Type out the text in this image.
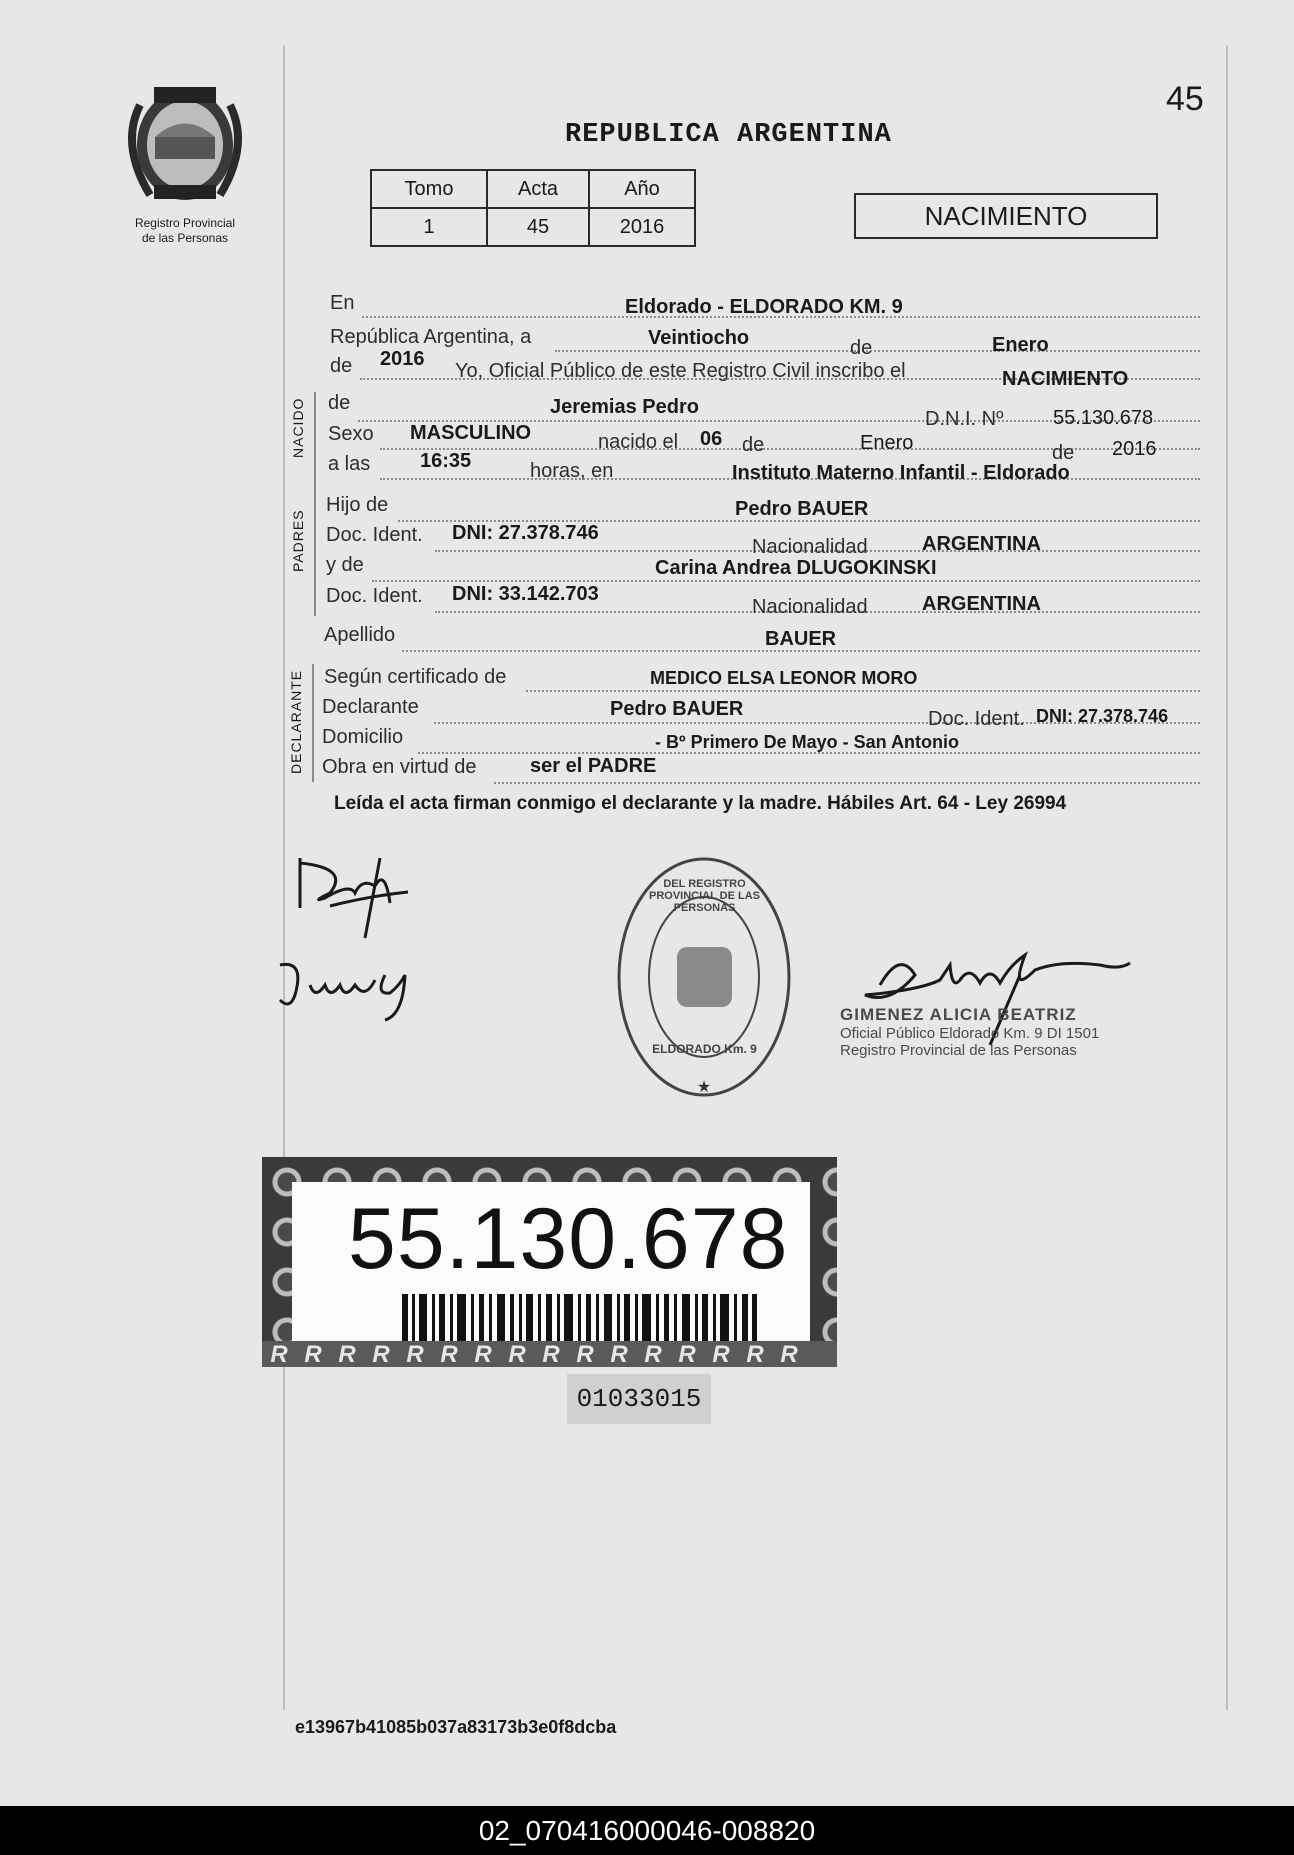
45
Registro Provincial
de las Personas
REPUBLICA ARGENTINA
Tomo	Acta	Año
1	45	2016	NACIMIENTO
En	Eldorado - ELDORADO KM. 9
República Argentina, a	Veintiocho	de	Enero
de 2016
Yo, Oficial Público de este Registro Civil inscribo el	NACIMIENTO
NACIDO de	Jeremias Pedro
D.N.I. Nº 55.130.678
Sexo MASCULINO	nacido el 06 de	Enero	de 2016
a las 16:35	horas, en	Instituto Materno Infantil - Eldorado
PADRES
Hijo de	Pedro BAUER
Doc. Ident. DNI: 27.378.746
Nacionalidad	ARGENTINA
y de	Carina Andrea DLUGOKINSKI
Doc. Ident. DNI: 33.142.703
Nacionalidad	ARGENTINA
Apellido	BAUER
DECLARANTE Según certificado de	MEDICO ELSA LEONOR MORO
Declarante	Pedro BAUER	Doc. Ident. DNI: 27.378.746
Domicilio	- Bº Primero De Mayo - San Antonio
Obra en virtud de	ser el PADRE
Leída el acta firman conmigo el declarante y la madre. Hábiles Art. 64 - Ley 26994
GIMENEZ ALICIA BEATRIZ
Oficial Público Eldorado Km. 9 DI 1501
Registro Provincial de las Personas
★
DEL REGISTRO PROVINCIAL DE LAS PERSONAS
ELDORADO Km. 9
55.130.678
R R R R R R R R R R R R R R R R
01033015
e13967b41085b037a83173b3e0f8dcba
02_070416000046-008820
